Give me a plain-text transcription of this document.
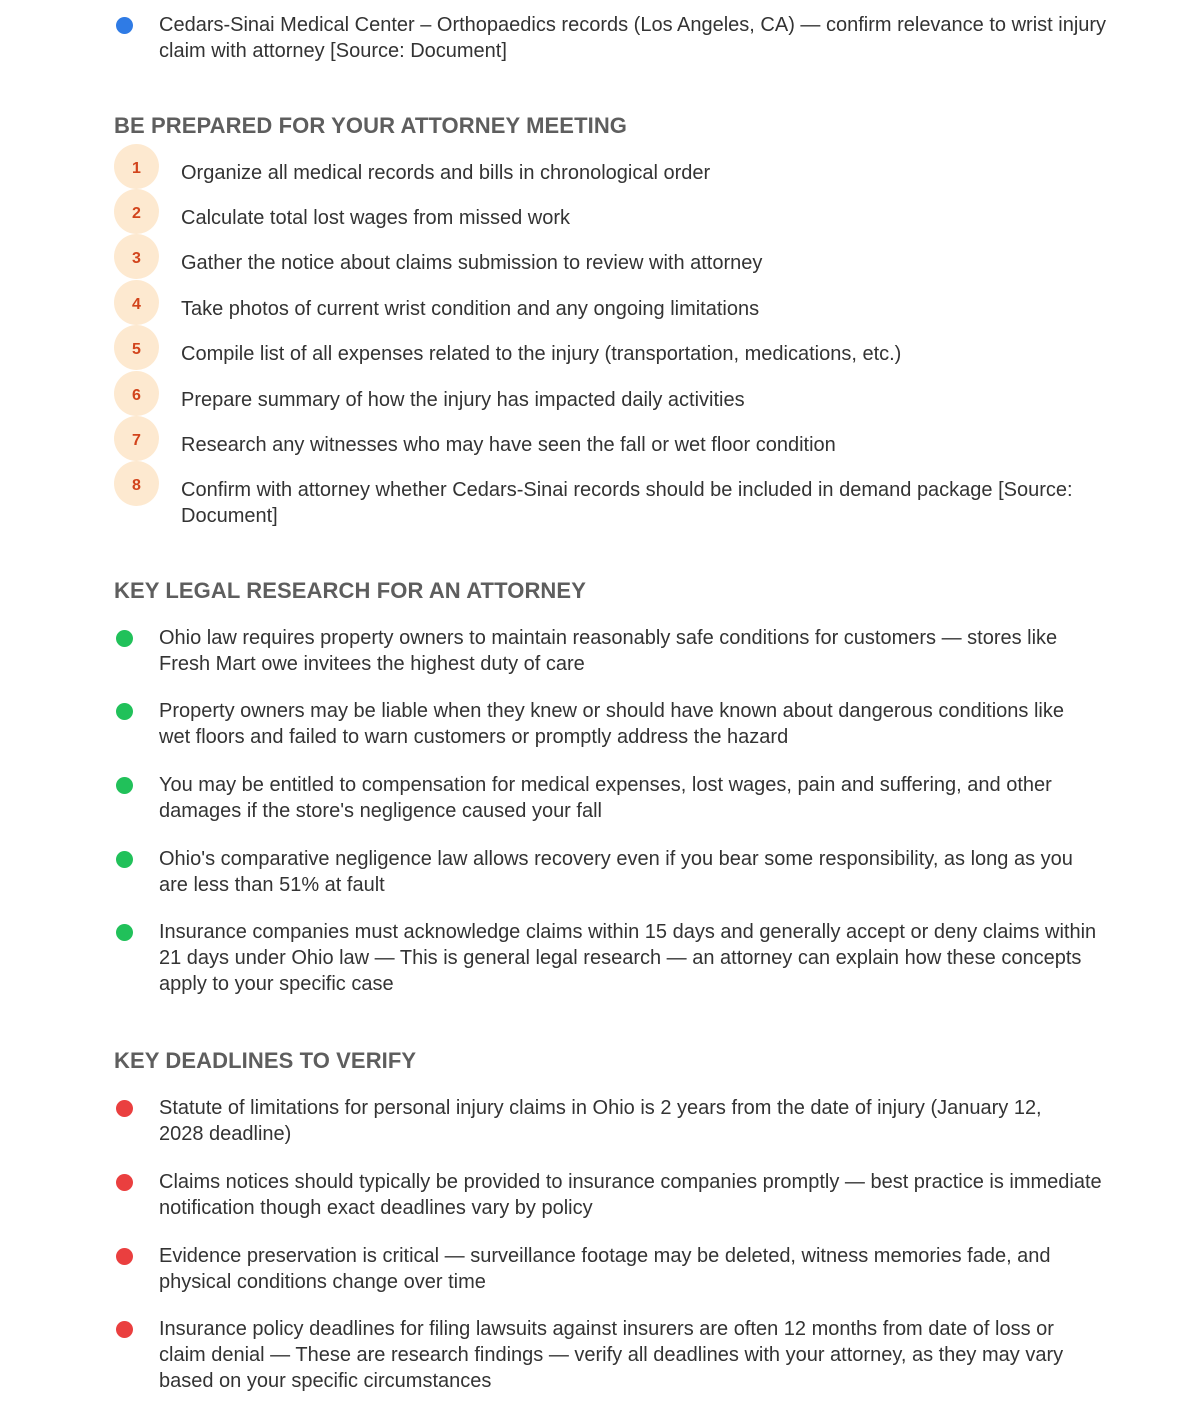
Cedars-Sinai Medical Center – Orthopaedics records (Los Angeles, CA) — confirm relevance to wrist injury claim with attorney [Source: Document]
BE PREPARED FOR YOUR ATTORNEY MEETING
1	Organize all medical records and bills in chronological order
2	Calculate total lost wages from missed work
3	Gather the notice about claims submission to review with attorney
4	Take photos of current wrist condition and any ongoing limitations
5	Compile list of all expenses related to the injury (transportation, medications, etc.)
6	Prepare summary of how the injury has impacted daily activities
7	Research any witnesses who may have seen the fall or wet floor condition
8	Confirm with attorney whether Cedars-Sinai records should be included in demand package [Source: Document]
KEY LEGAL RESEARCH FOR AN ATTORNEY
Ohio law requires property owners to maintain reasonably safe conditions for customers — stores like Fresh Mart owe invitees the highest duty of care
Property owners may be liable when they knew or should have known about dangerous conditions like wet floors and failed to warn customers or promptly address the hazard
You may be entitled to compensation for medical expenses, lost wages, pain and suffering, and other damages if the store's negligence caused your fall
Ohio's comparative negligence law allows recovery even if you bear some responsibility, as long as you are less than 51% at fault
Insurance companies must acknowledge claims within 15 days and generally accept or deny claims within 21 days under Ohio law — This is general legal research — an attorney can explain how these concepts apply to your specific case
KEY DEADLINES TO VERIFY
Statute of limitations for personal injury claims in Ohio is 2 years from the date of injury (January 12, 2028 deadline)
Claims notices should typically be provided to insurance companies promptly — best practice is immediate notification though exact deadlines vary by policy
Evidence preservation is critical — surveillance footage may be deleted, witness memories fade, and physical conditions change over time
Insurance policy deadlines for filing lawsuits against insurers are often 12 months from date of loss or claim denial — These are research findings — verify all deadlines with your attorney, as they may vary based on your specific circumstances
